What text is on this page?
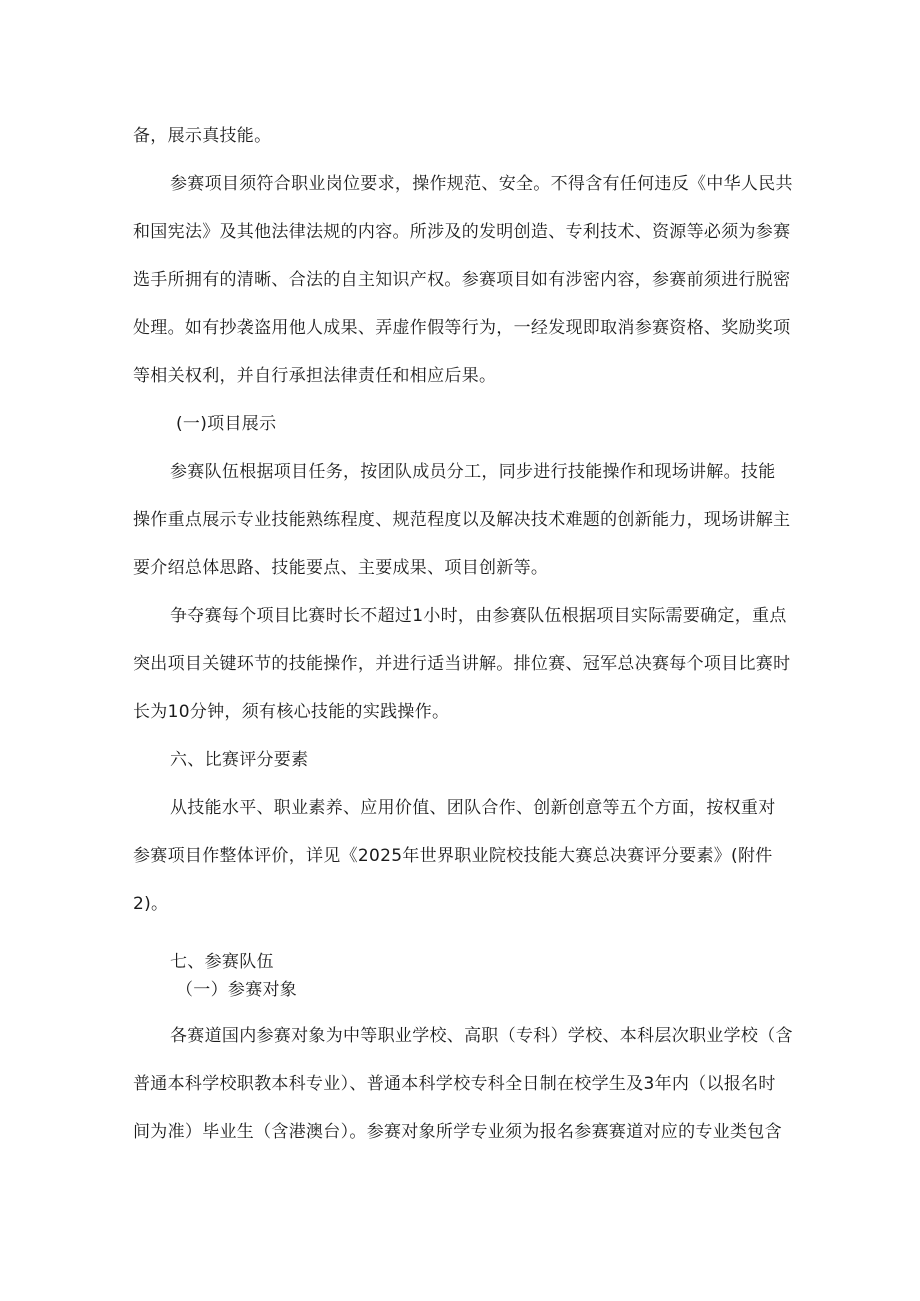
备，展示真技能。
参赛项目须符合职业岗位要求，操作规范、安全。不得含有任何违反《中华人民共
和国宪法》及其他法律法规的内容。所涉及的发明创造、专利技术、资源等必须为参赛
选手所拥有的清晰、合法的自主知识产权。参赛项目如有涉密内容，参赛前须进行脱密
处理。如有抄袭盗用他人成果、弄虚作假等行为，一经发现即取消参赛资格、奖励奖项
等相关权利，并自行承担法律责任和相应后果。
(一)项目展示
参赛队伍根据项目任务，按团队成员分工，同步进行技能操作和现场讲解。技能
操作重点展示专业技能熟练程度、规范程度以及解决技术难题的创新能力，现场讲解主
要介绍总体思路、技能要点、主要成果、项目创新等。
争夺赛每个项目比赛时长不超过1小时，由参赛队伍根据项目实际需要确定，重点
突出项目关键环节的技能操作，并进行适当讲解。排位赛、冠军总决赛每个项目比赛时
长为10分钟，须有核心技能的实践操作。
六、比赛评分要素
从技能水平、职业素养、应用价值、团队合作、创新创意等五个方面，按权重对
参赛项目作整体评价，详见《2025年世界职业院校技能大赛总决赛评分要素》(附件
2)。
七、参赛队伍
（一）参赛对象
各赛道国内参赛对象为中等职业学校、高职（专科）学校、本科层次职业学校（含
普通本科学校职教本科专业）、普通本科学校专科全日制在校学生及3年内（以报名时
间为准）毕业生（含港澳台）。参赛对象所学专业须为报名参赛赛道对应的专业类包含
